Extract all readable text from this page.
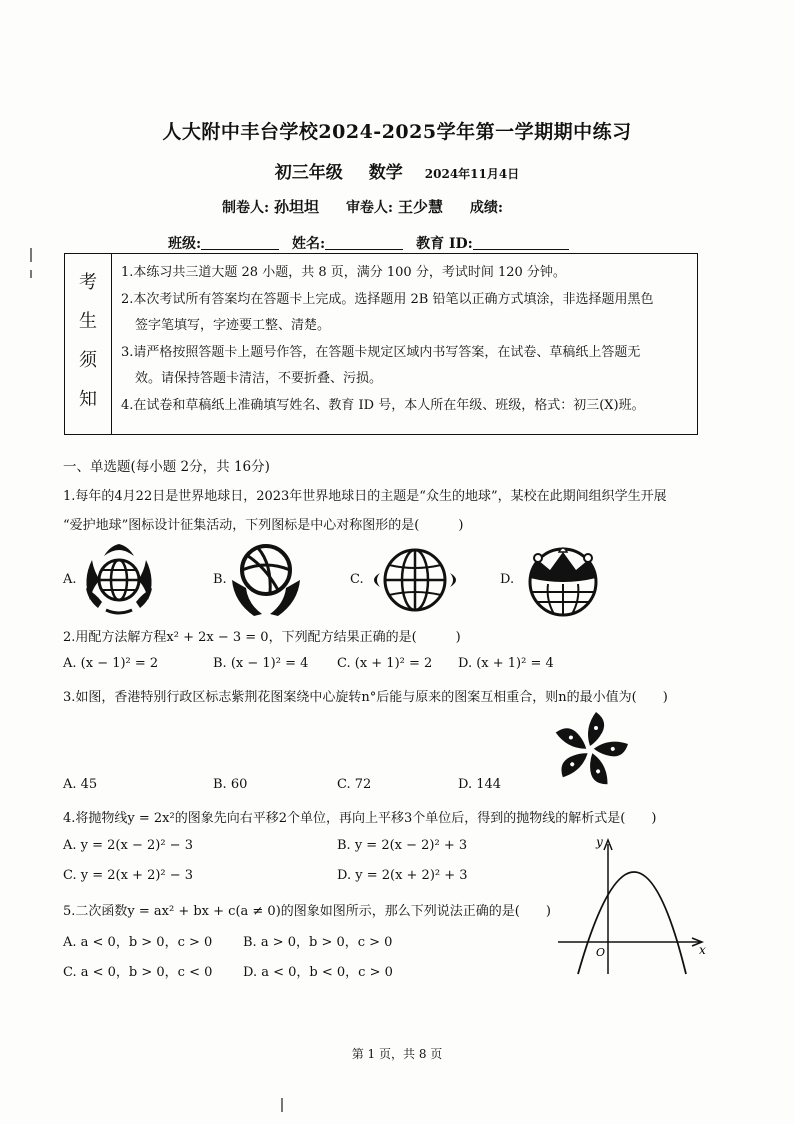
人大附中丰台学校2024-2025学年第一学期期中练习
初三年级 数学 2024年11月4日
制卷人: 孙坦坦 审卷人: 王少慧 成绩:
班级:	姓名:	教育 ID:
考
生
须
知
1.本练习共三道大题 28 小题，共 8 页，满分 100 分，考试时间 120 分钟。
2.本次考试所有答案均在答题卡上完成。选择题用 2B 铅笔以正确方式填涂，非选择题用黑色
签字笔填写，字迹要工整、清楚。
3.请严格按照答题卡上题号作答，在答题卡规定区域内书写答案，在试卷、草稿纸上答题无
效。请保持答题卡清洁，不要折叠、污损。
4.在试卷和草稿纸上准确填写姓名、教育 ID 号，本人所在年级、班级，格式：初三(X)班。
一、单选题(每小题 2分，共 16分)
1.每年的4月22日是世界地球日，2023年世界地球日的主题是“众生的地球”，某校在此期间组织学生开展
“爱护地球”图标设计征集活动，下列图标是中心对称图形的是(　　　)
A.	B.	C.	D.
2.用配方法解方程x² + 2x − 3 = 0，下列配方结果正确的是(　　　)
A. (x − 1)² = 2	B. (x − 1)² = 4 C. (x + 1)² = 2 D. (x + 1)² = 4
3.如图，香港特别行政区标志紫荆花图案绕中心旋转n°后能与原来的图案互相重合，则n的最小值为(　　)
A. 45	B. 60	C. 72	D. 144
4.将抛物线y = 2x²的图象先向右平移2个单位，再向上平移3个单位后，得到的抛物线的解析式是(　　)
A. y = 2(x − 2)² − 3	B. y = 2(x − 2)² + 3
C. y = 2(x + 2)² − 3	D. y = 2(x + 2)² + 3
5.二次函数y = ax² + bx + c(a ≠ 0)的图象如图所示，那么下列说法正确的是(　　)
A. a < 0，b > 0，c > 0 B. a > 0，b > 0，c > 0
C. a < 0，b > 0，c < 0 D. a < 0，b < 0，c > 0
y
x
O
第 1 页，共 8 页
